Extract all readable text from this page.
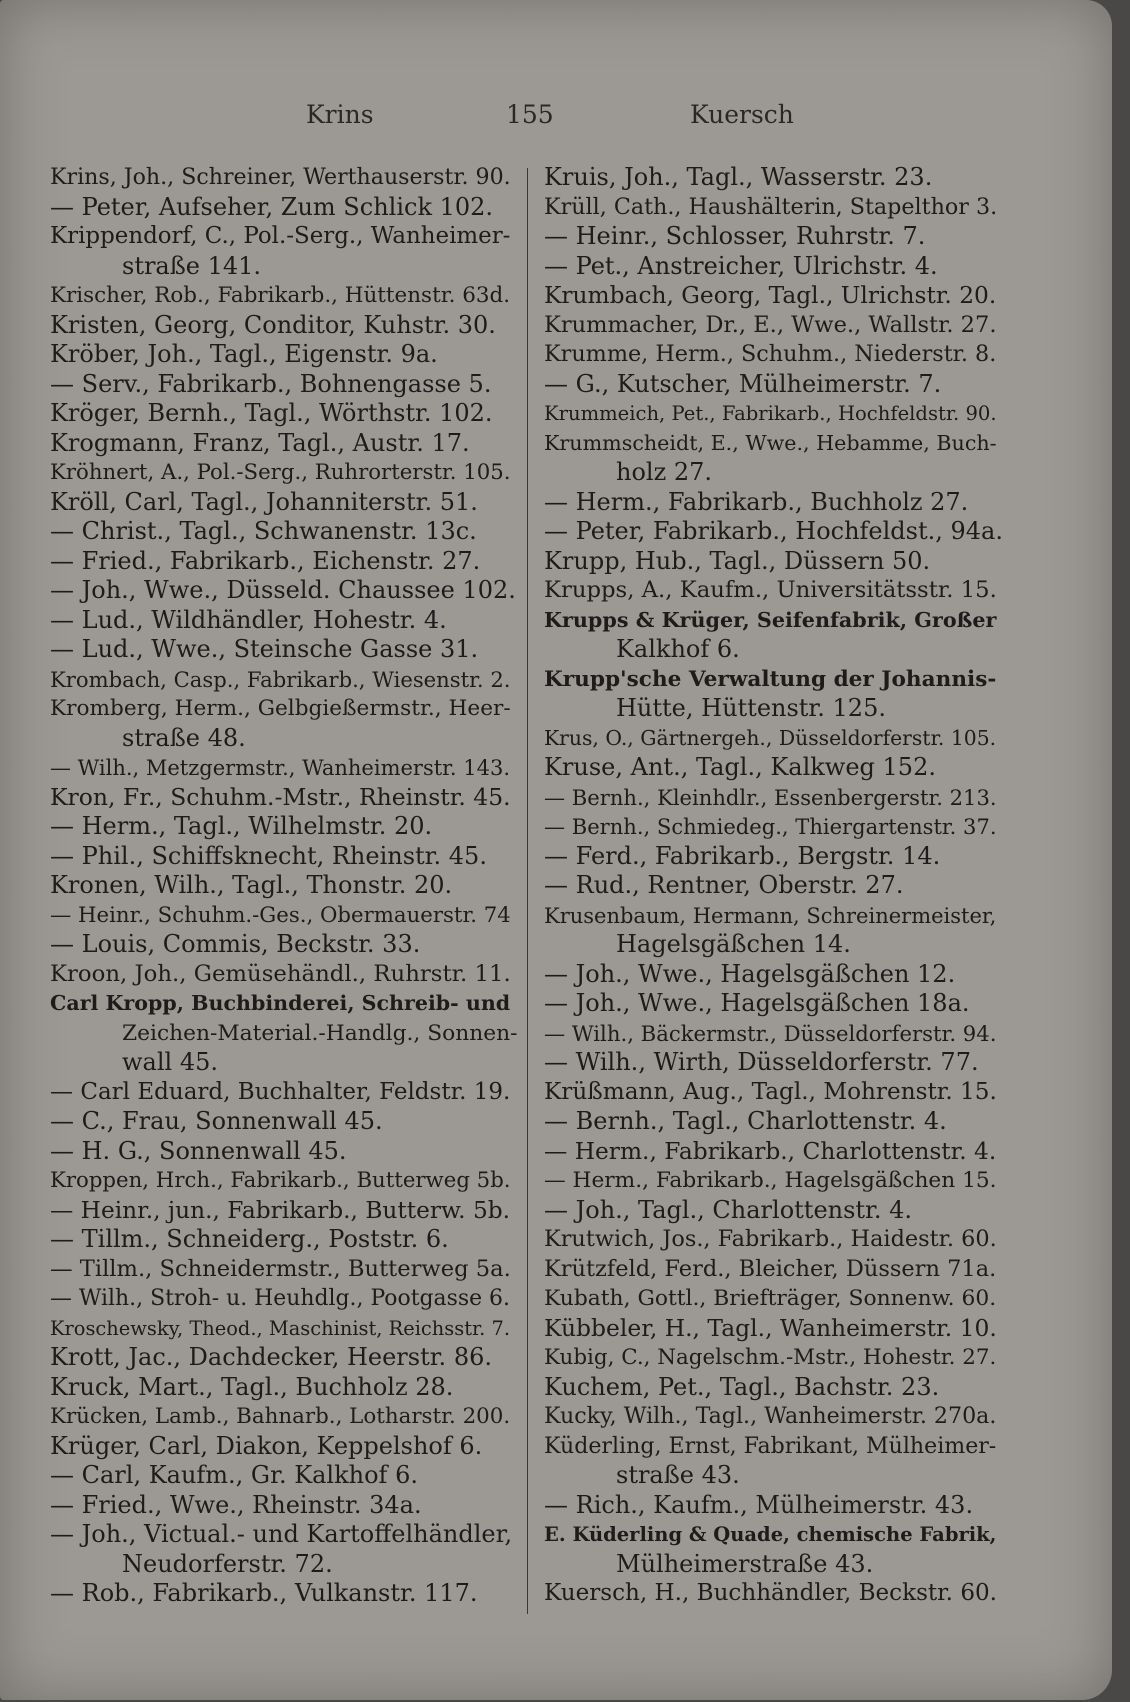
Krins	155	Kuersch

Krins, Joh., Schreiner, Werthauserstr. 90.

— Peter, Aufseher, Zum Schlick 102.

Krippendorf, C., Pol.-Serg., Wanheimer-

straße 141.

Krischer, Rob., Fabrikarb., Hüttenstr. 63d.

Kristen, Georg, Conditor, Kuhstr. 30.

Kröber, Joh., Tagl., Eigenstr. 9a.

— Serv., Fabrikarb., Bohnengasse 5.

Kröger, Bernh., Tagl., Wörthstr. 102.

Krogmann, Franz, Tagl., Austr. 17.

Kröhnert, A., Pol.-Serg., Ruhrorterstr. 105.

Kröll, Carl, Tagl., Johanniterstr. 51.

— Christ., Tagl., Schwanenstr. 13c.

— Fried., Fabrikarb., Eichenstr. 27.

— Joh., Wwe., Düsseld. Chaussee 102.

— Lud., Wildhändler, Hohestr. 4.

— Lud., Wwe., Steinsche Gasse 31.

Krombach, Casp., Fabrikarb., Wiesenstr. 2.

Kromberg, Herm., Gelbgießermstr., Heer-

straße 48.

— Wilh., Metzgermstr., Wanheimerstr. 143.

Kron, Fr., Schuhm.-Mstr., Rheinstr. 45.

— Herm., Tagl., Wilhelmstr. 20.

— Phil., Schiffsknecht, Rheinstr. 45.

Kronen, Wilh., Tagl., Thonstr. 20.

— Heinr., Schuhm.-Ges., Obermauerstr. 74

— Louis, Commis, Beckstr. 33.

Kroon, Joh., Gemüsehändl., Ruhrstr. 11.

Carl Kropp, Buchbinderei, Schreib- und

Zeichen-Material.-Handlg., Sonnen-

wall 45.

— Carl Eduard, Buchhalter, Feldstr. 19.

— C., Frau, Sonnenwall 45.

— H. G., Sonnenwall 45.

Kroppen, Hrch., Fabrikarb., Butterweg 5b.

— Heinr., jun., Fabrikarb., Butterw. 5b.

— Tillm., Schneiderg., Poststr. 6.

— Tillm., Schneidermstr., Butterweg 5a.

— Wilh., Stroh- u. Heuhdlg., Pootgasse 6.

Kroschewsky, Theod., Maschinist, Reichsstr. 7.

Krott, Jac., Dachdecker, Heerstr. 86.

Kruck, Mart., Tagl., Buchholz 28.

Krücken, Lamb., Bahnarb., Lotharstr. 200.

Krüger, Carl, Diakon, Keppelshof 6.

— Carl, Kaufm., Gr. Kalkhof 6.

— Fried., Wwe., Rheinstr. 34a.

— Joh., Victual.- und Kartoffelhändler,

Neudorferstr. 72.

— Rob., Fabrikarb., Vulkanstr. 117.

Kruis, Joh., Tagl., Wasserstr. 23.

Krüll, Cath., Haushälterin, Stapelthor 3.

— Heinr., Schlosser, Ruhrstr. 7.

— Pet., Anstreicher, Ulrichstr. 4.

Krumbach, Georg, Tagl., Ulrichstr. 20.

Krummacher, Dr., E., Wwe., Wallstr. 27.

Krumme, Herm., Schuhm., Niederstr. 8.

— G., Kutscher, Mülheimerstr. 7.

Krummeich, Pet., Fabrikarb., Hochfeldstr. 90.

Krummscheidt, E., Wwe., Hebamme, Buch-

holz 27.

— Herm., Fabrikarb., Buchholz 27.

— Peter, Fabrikarb., Hochfeldst., 94a.

Krupp, Hub., Tagl., Düssern 50.

Krupps, A., Kaufm., Universitätsstr. 15.

Krupps & Krüger, Seifenfabrik, Großer

Kalkhof 6.

Krupp'sche Verwaltung der Johannis-

Hütte, Hüttenstr. 125.

Krus, O., Gärtnergeh., Düsseldorferstr. 105.

Kruse, Ant., Tagl., Kalkweg 152.

— Bernh., Kleinhdlr., Essenbergerstr. 213.

— Bernh., Schmiedeg., Thiergartenstr. 37.

— Ferd., Fabrikarb., Bergstr. 14.

— Rud., Rentner, Oberstr. 27.

Krusenbaum, Hermann, Schreinermeister,

Hagelsgäßchen 14.

— Joh., Wwe., Hagelsgäßchen 12.

— Joh., Wwe., Hagelsgäßchen 18a.

— Wilh., Bäckermstr., Düsseldorferstr. 94.

— Wilh., Wirth, Düsseldorferstr. 77.

Krüßmann, Aug., Tagl., Mohrenstr. 15.

— Bernh., Tagl., Charlottenstr. 4.

— Herm., Fabrikarb., Charlottenstr. 4.

— Herm., Fabrikarb., Hagelsgäßchen 15.

— Joh., Tagl., Charlottenstr. 4.

Krutwich, Jos., Fabrikarb., Haidestr. 60.

Krützfeld, Ferd., Bleicher, Düssern 71a.

Kubath, Gottl., Briefträger, Sonnenw. 60.

Kübbeler, H., Tagl., Wanheimerstr. 10.

Kubig, C., Nagelschm.-Mstr., Hohestr. 27.

Kuchem, Pet., Tagl., Bachstr. 23.

Kucky, Wilh., Tagl., Wanheimerstr. 270a.

Küderling, Ernst, Fabrikant, Mülheimer-

straße 43.

— Rich., Kaufm., Mülheimerstr. 43.

E. Küderling & Quade, chemische Fabrik,

Mülheimerstraße 43.

Kuersch, H., Buchhändler, Beckstr. 60.
